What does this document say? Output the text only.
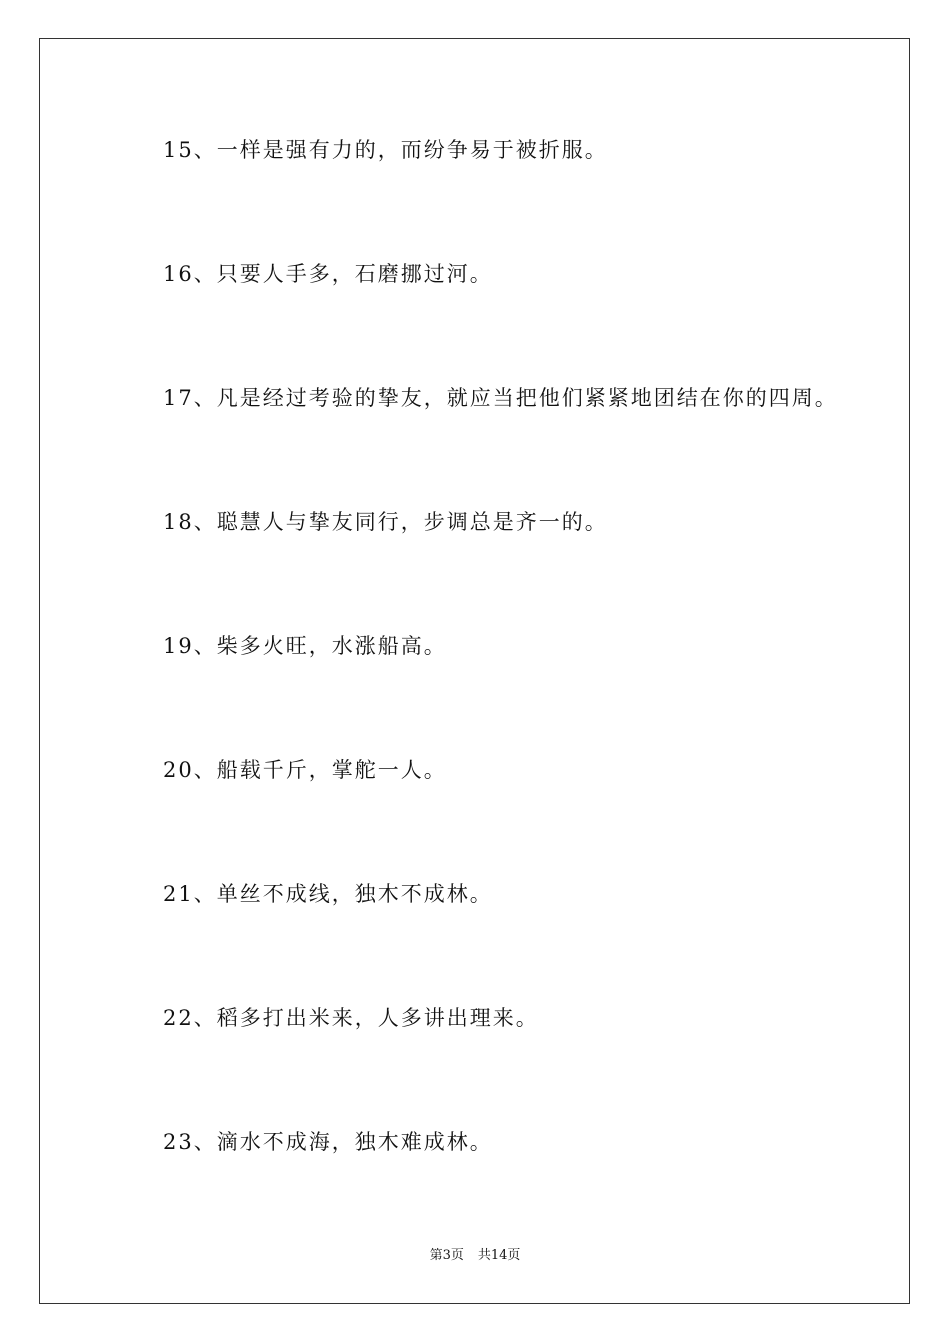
15、一样是强有力的，而纷争易于被折服。
16、只要人手多，石磨挪过河。
17、凡是经过考验的挚友，就应当把他们紧紧地团结在你的四周。
18、聪慧人与挚友同行，步调总是齐一的。
19、柴多火旺，水涨船高。
20、船载千斤，掌舵一人。
21、单丝不成线，独木不成林。
22、稻多打出米来，人多讲出理来。
23、滴水不成海，独木难成林。
第3页 共14页
